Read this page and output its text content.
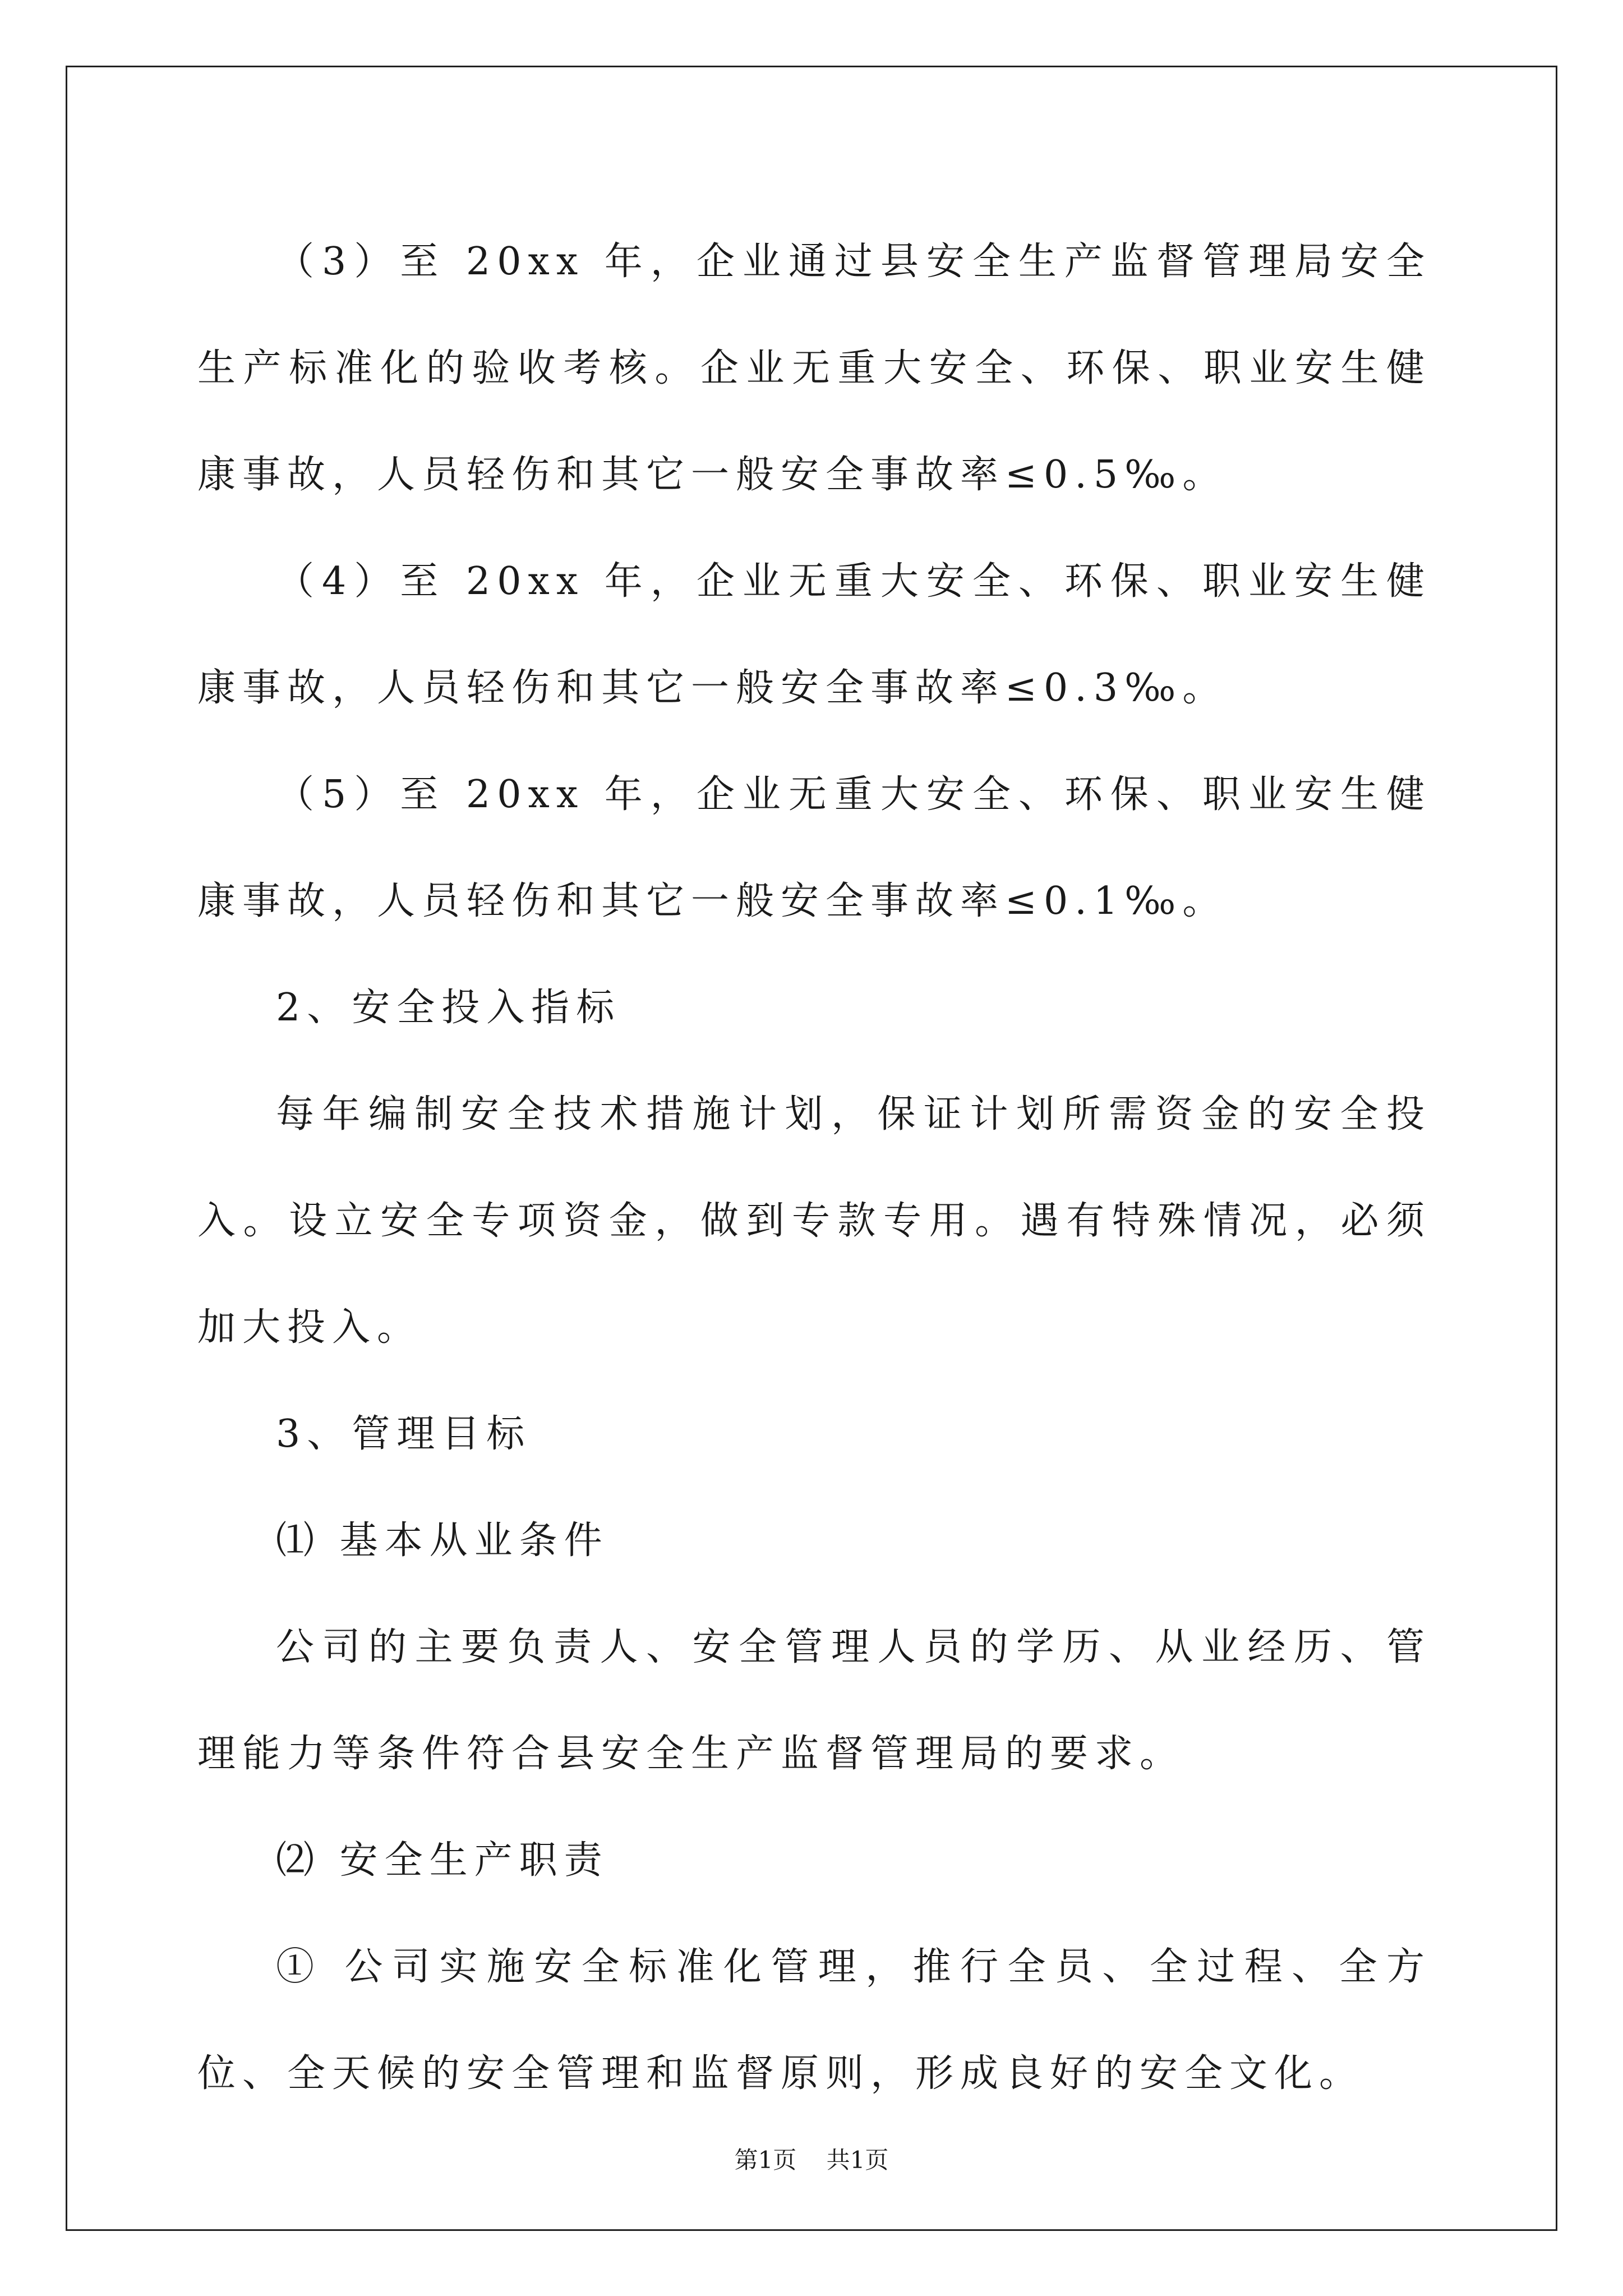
（3）至 20xx 年，企业通过县安全生产监督管理局安全生产标准化的验收考核。企业无重大安全、环保、职业安生健康事故，人员轻伤和其它一般安全事故率≤0.5‰。

（4）至 20xx 年，企业无重大安全、环保、职业安生健康事故，人员轻伤和其它一般安全事故率≤0.3‰。

（5）至 20xx 年，企业无重大安全、环保、职业安生健康事故，人员轻伤和其它一般安全事故率≤0.1‰。

2、安全投入指标

每年编制安全技术措施计划，保证计划所需资金的安全投入。设立安全专项资金，做到专款专用。遇有特殊情况，必须加大投入。

3、管理目标

⑴ 基本从业条件

公司的主要负责人、安全管理人员的学历、从业经历、管理能力等条件符合县安全生产监督管理局的要求。

⑵ 安全生产职责

① 公司实施安全标准化管理，推行全员、全过程、全方位、全天候的安全管理和监督原则，形成良好的安全文化。

第1页 共1页
